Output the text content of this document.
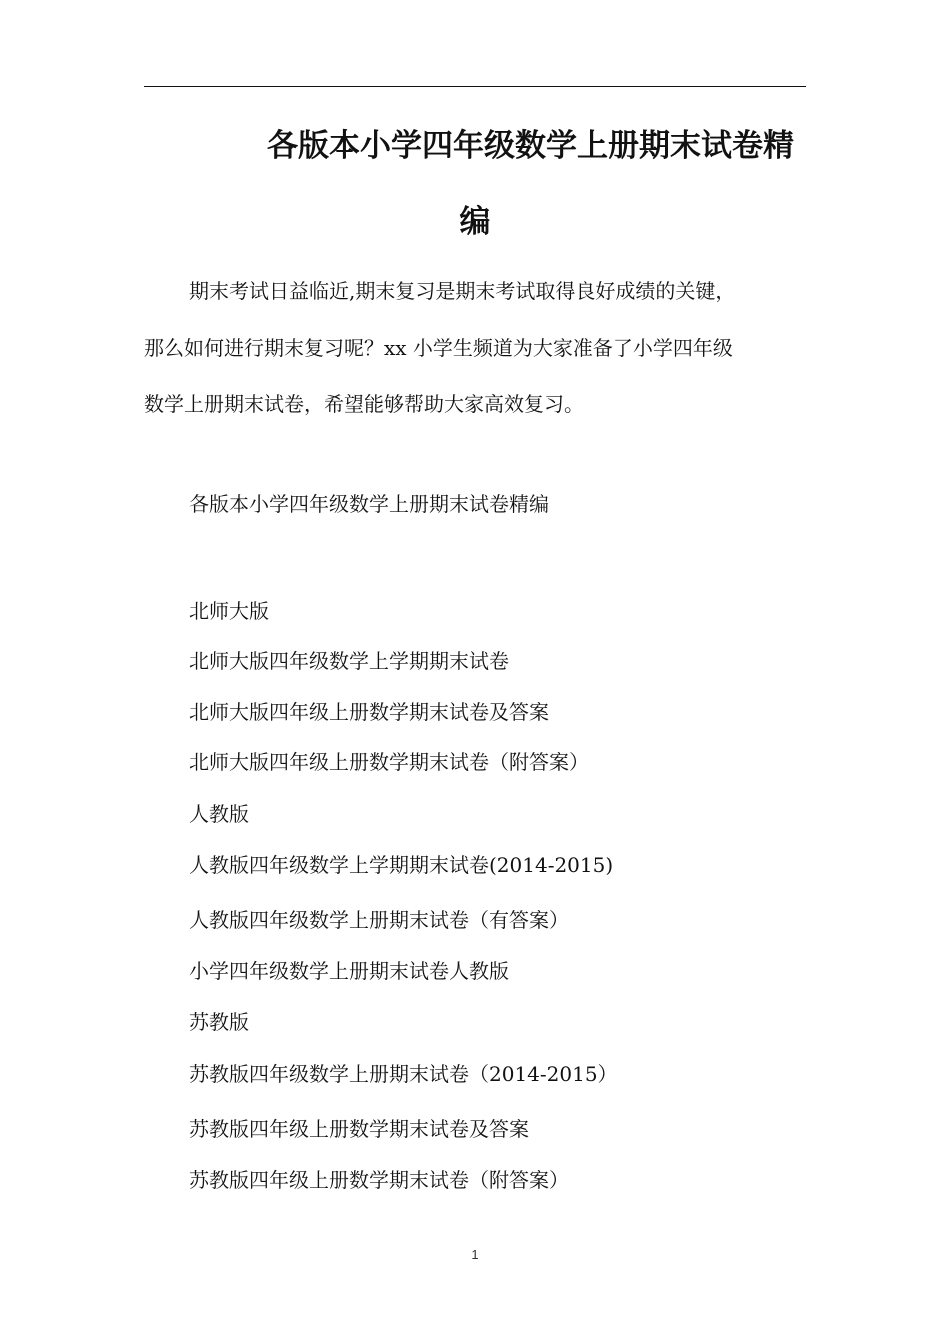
各版本小学四年级数学上册期末试卷精
编

期末考试日益临近,期末复习是期末考试取得良好成绩的关键，

那么如何进行期末复习呢？xx 小学生频道为大家准备了小学四年级

数学上册期末试卷，希望能够帮助大家高效复习。

各版本小学四年级数学上册期末试卷精编
北师大版
北师大版四年级数学上学期期末试卷
北师大版四年级上册数学期末试卷及答案
北师大版四年级上册数学期末试卷（附答案）
人教版
人教版四年级数学上学期期末试卷(2014-2015)
人教版四年级数学上册期末试卷（有答案）
小学四年级数学上册期末试卷人教版
苏教版
苏教版四年级数学上册期末试卷（2014-2015）
苏教版四年级上册数学期末试卷及答案
苏教版四年级上册数学期末试卷（附答案）
1
